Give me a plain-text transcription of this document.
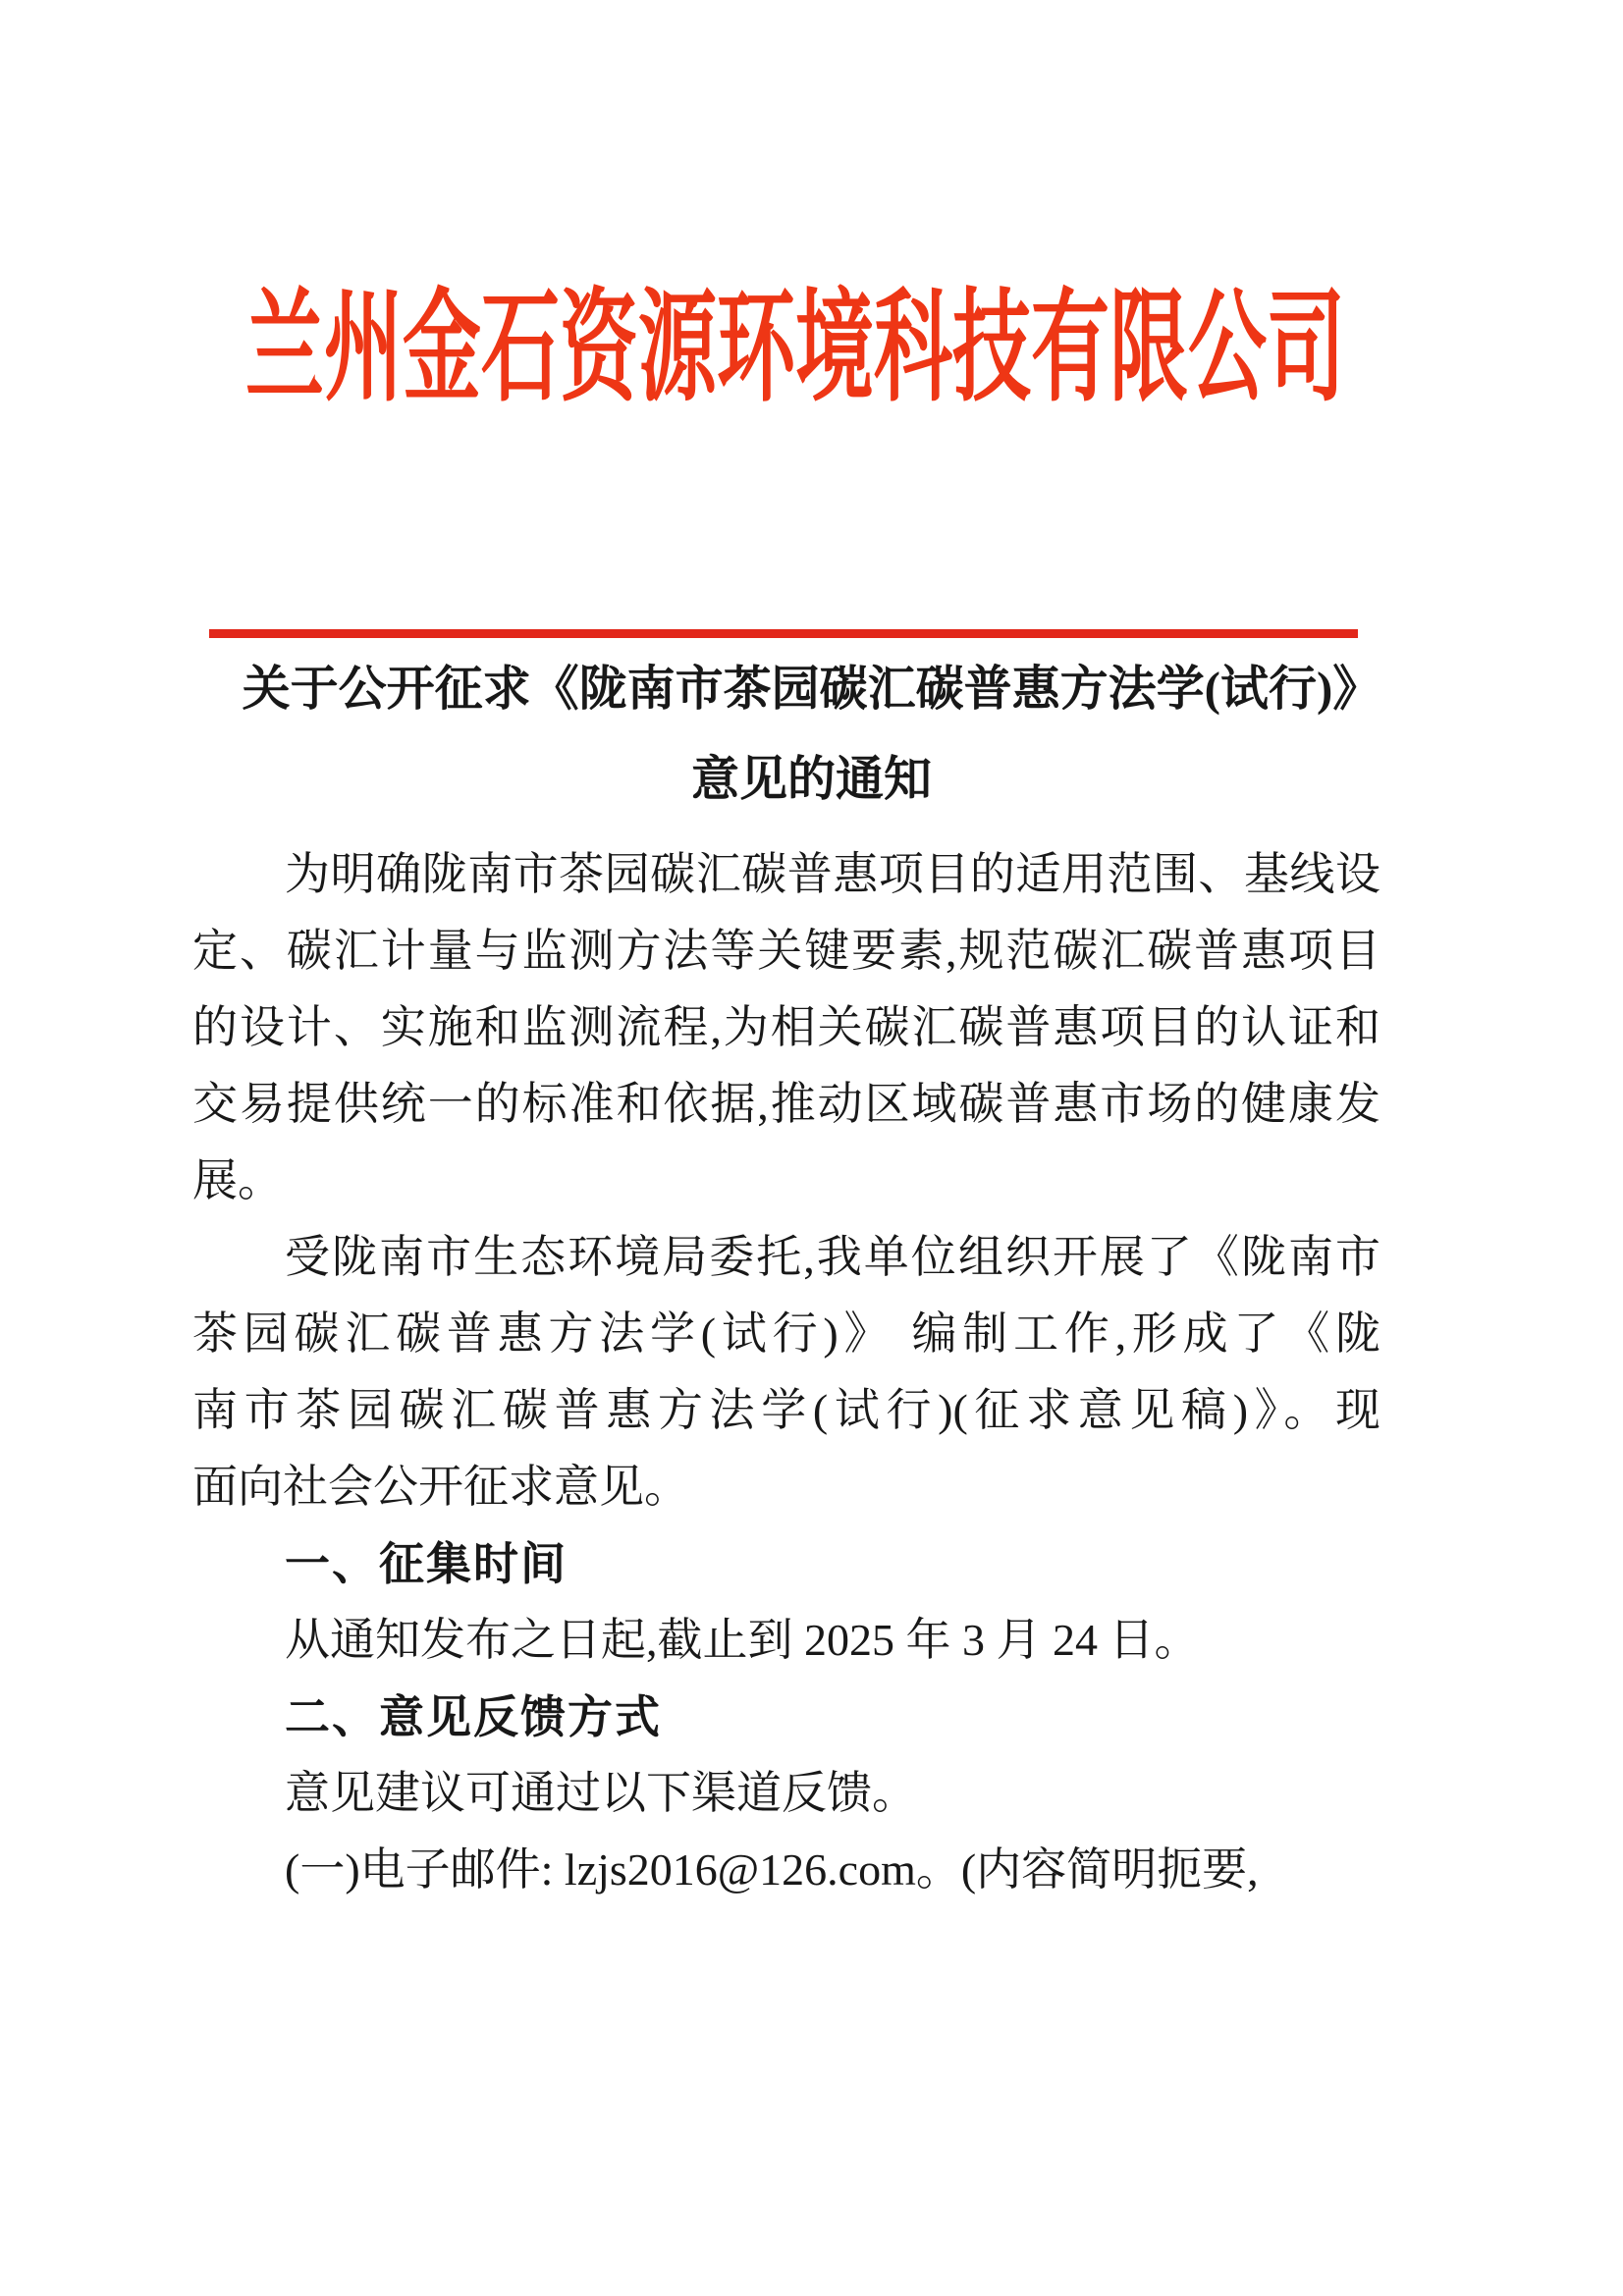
兰州金石资源环境科技有限公司
关于公开征求《陇南市茶园碳汇碳普惠方法学(试行)》
意见的通知
为明确陇南市茶园碳汇碳普惠项目的适用范围、基线设
定、碳汇计量与监测方法等关键要素,规范碳汇碳普惠项目
的设计、实施和监测流程,为相关碳汇碳普惠项目的认证和
交易提供统一的标准和依据,推动区域碳普惠市场的健康发
展。
受陇南市生态环境局委托,我单位组织开展了《陇南市
茶园碳汇碳普惠方法学(试行)》 编制工作,形成了《陇
南市茶园碳汇碳普惠方法学(试行)(征求意见稿)》。现
面向社会公开征求意见。
一、征集时间
从通知发布之日起,截止到 2025 年 3 月 24 日。
二、意见反馈方式
意见建议可通过以下渠道反馈。
(一)电子邮件: lzjs2016@126.com。(内容简明扼要,
